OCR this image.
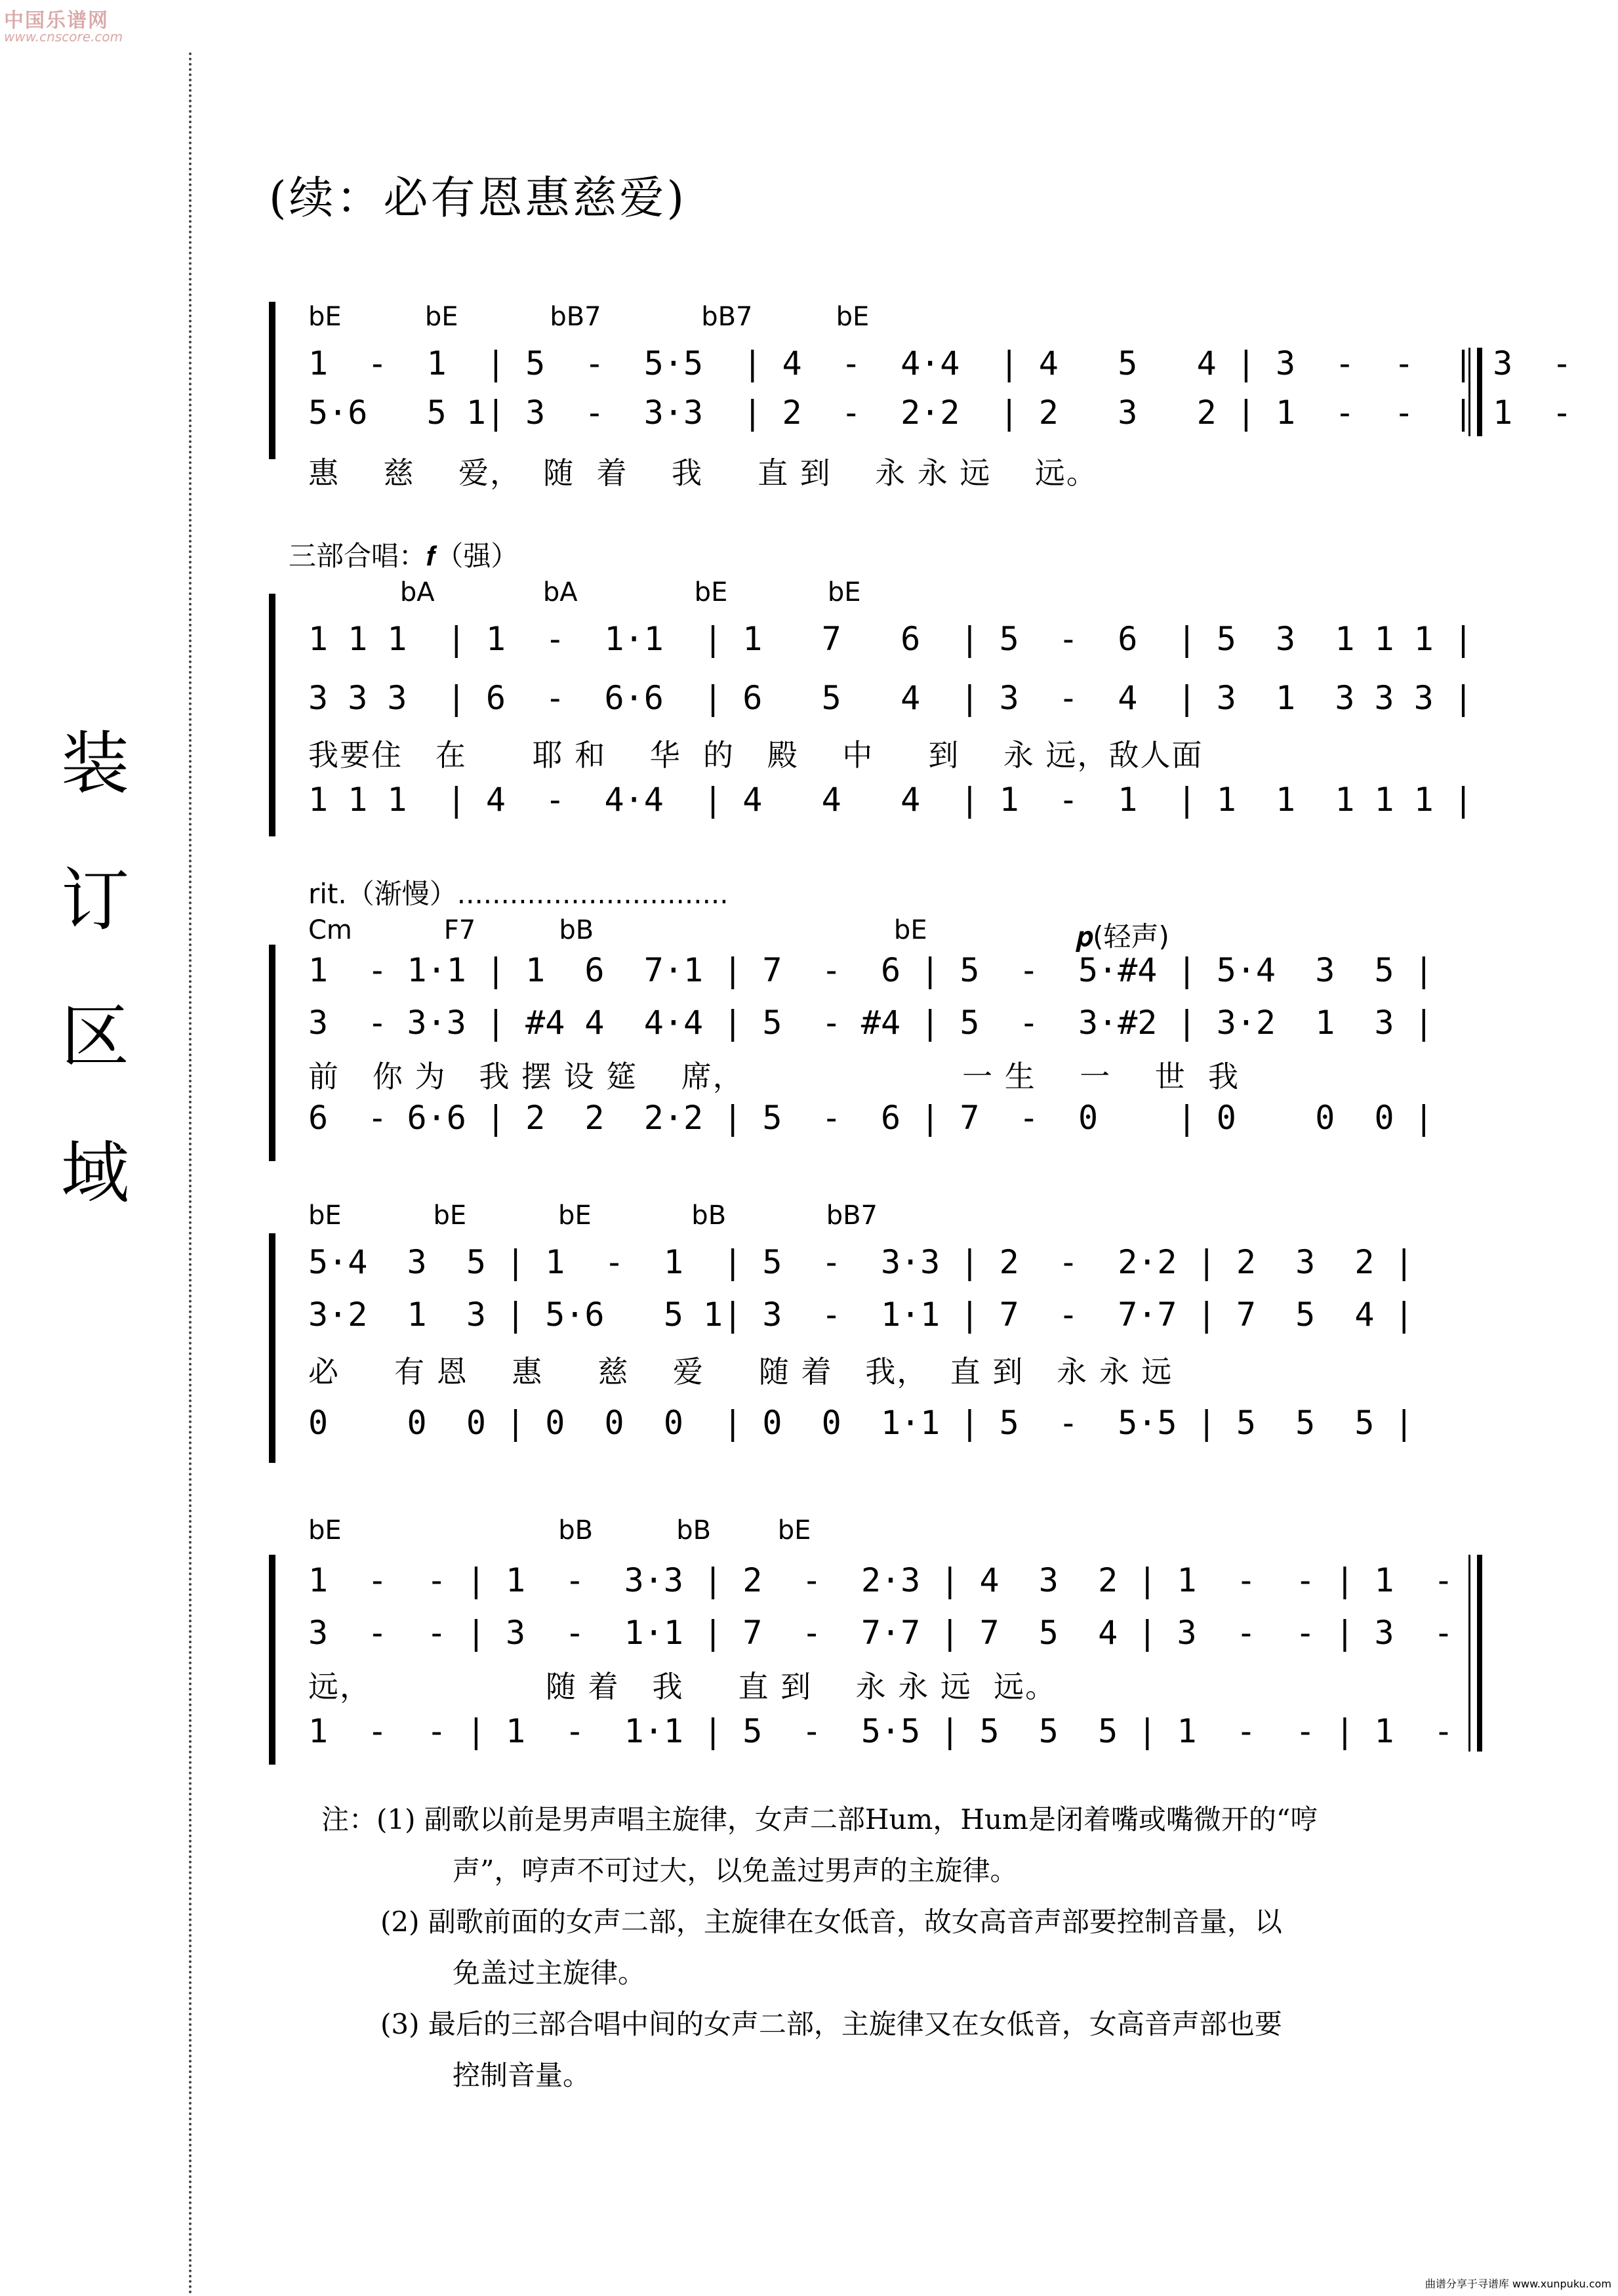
中国乐谱网
www.cnscore.com
装
订
区
域
(续：必有恩惠慈爱)
bE          bE           bB7            bB7          bE
1  -  1  | 5  -  5·5  | 4  -  4·4  | 4   5   4 | 3  -  -  | 3  -
5·6   5 1| 3  -  3·3  | 2  -  2·2  | 2   3   2 | 1  -  -  | 1  -
惠    慈    爱，  随  着    我     直 到    永 永 远    远。
三部合唱：𝒇（强）
bA             bA              bE            bE
1 1 1  | 1  -  1·1  | 1   7   6  | 5  -  6  | 5  3  1 1 1 |
3 3 3  | 6  -  6·6  | 6   5   4  | 3  -  4  | 3  1  3 3 3 |
我要住   在      耶 和    华  的   殿    中     到    永 远，敌人面
1 1 1  | 4  -  4·4  | 4   4   4  | 1  -  1  | 1  1  1 1 1 |
rit.（渐慢）...............................
𝒑(轻声)
Cm           F7          bB                                    bE
1  - 1·1 | 1  6  7·1 | 7  -  6 | 5  -  5·#4 | 5·4  3  5 |
3  - 3·3 | #4 4  4·4 | 5  - #4 | 5  -  3·#2 | 3·2  1  3 |
前   你 为   我 摆 设 筵    席，                    一 生    一    世  我
6  - 6·6 | 2  2  2·2 | 5  -  6 | 7  -  0    | 0    0  0 |
bE           bE           bE            bB            bB7
5·4  3  5 | 1  -  1  | 5  -  3·3 | 2  -  2·2 | 2  3  2 |
3·2  1  3 | 5·6   5 1| 3  -  1·1 | 7  -  7·7 | 7  5  4 |
必     有 恩    惠     慈    爱     随 着   我，  直 到   永 永 远
0    0  0 | 0  0  0  | 0  0  1·1 | 5  -  5·5 | 5  5  5 |
bE                          bB          bB        bE
1  -  - | 1  -  3·3 | 2  -  2·3 | 4  3  2 | 1  -  - | 1  -
3  -  - | 3  -  1·1 | 7  -  7·7 | 7  5  4 | 3  -  - | 3  -
远，                随 着   我     直 到    永 永 远  远。
1  -  - | 1  -  1·1 | 5  -  5·5 | 5  5  5 | 1  -  - | 1  -

注：(1) 副歌以前是男声唱主旋律，女声二部Hum，Hum是闭着嘴或嘴微开的“哼

声”，哼声不可过大，以免盖过男声的主旋律。

(2) 副歌前面的女声二部，主旋律在女低音，故女高音声部要控制音量，以

免盖过主旋律。

(3) 最后的三部合唱中间的女声二部，主旋律又在女低音，女高音声部也要

控制音量。

曲谱分享于寻谱库 www.xunpuku.com
